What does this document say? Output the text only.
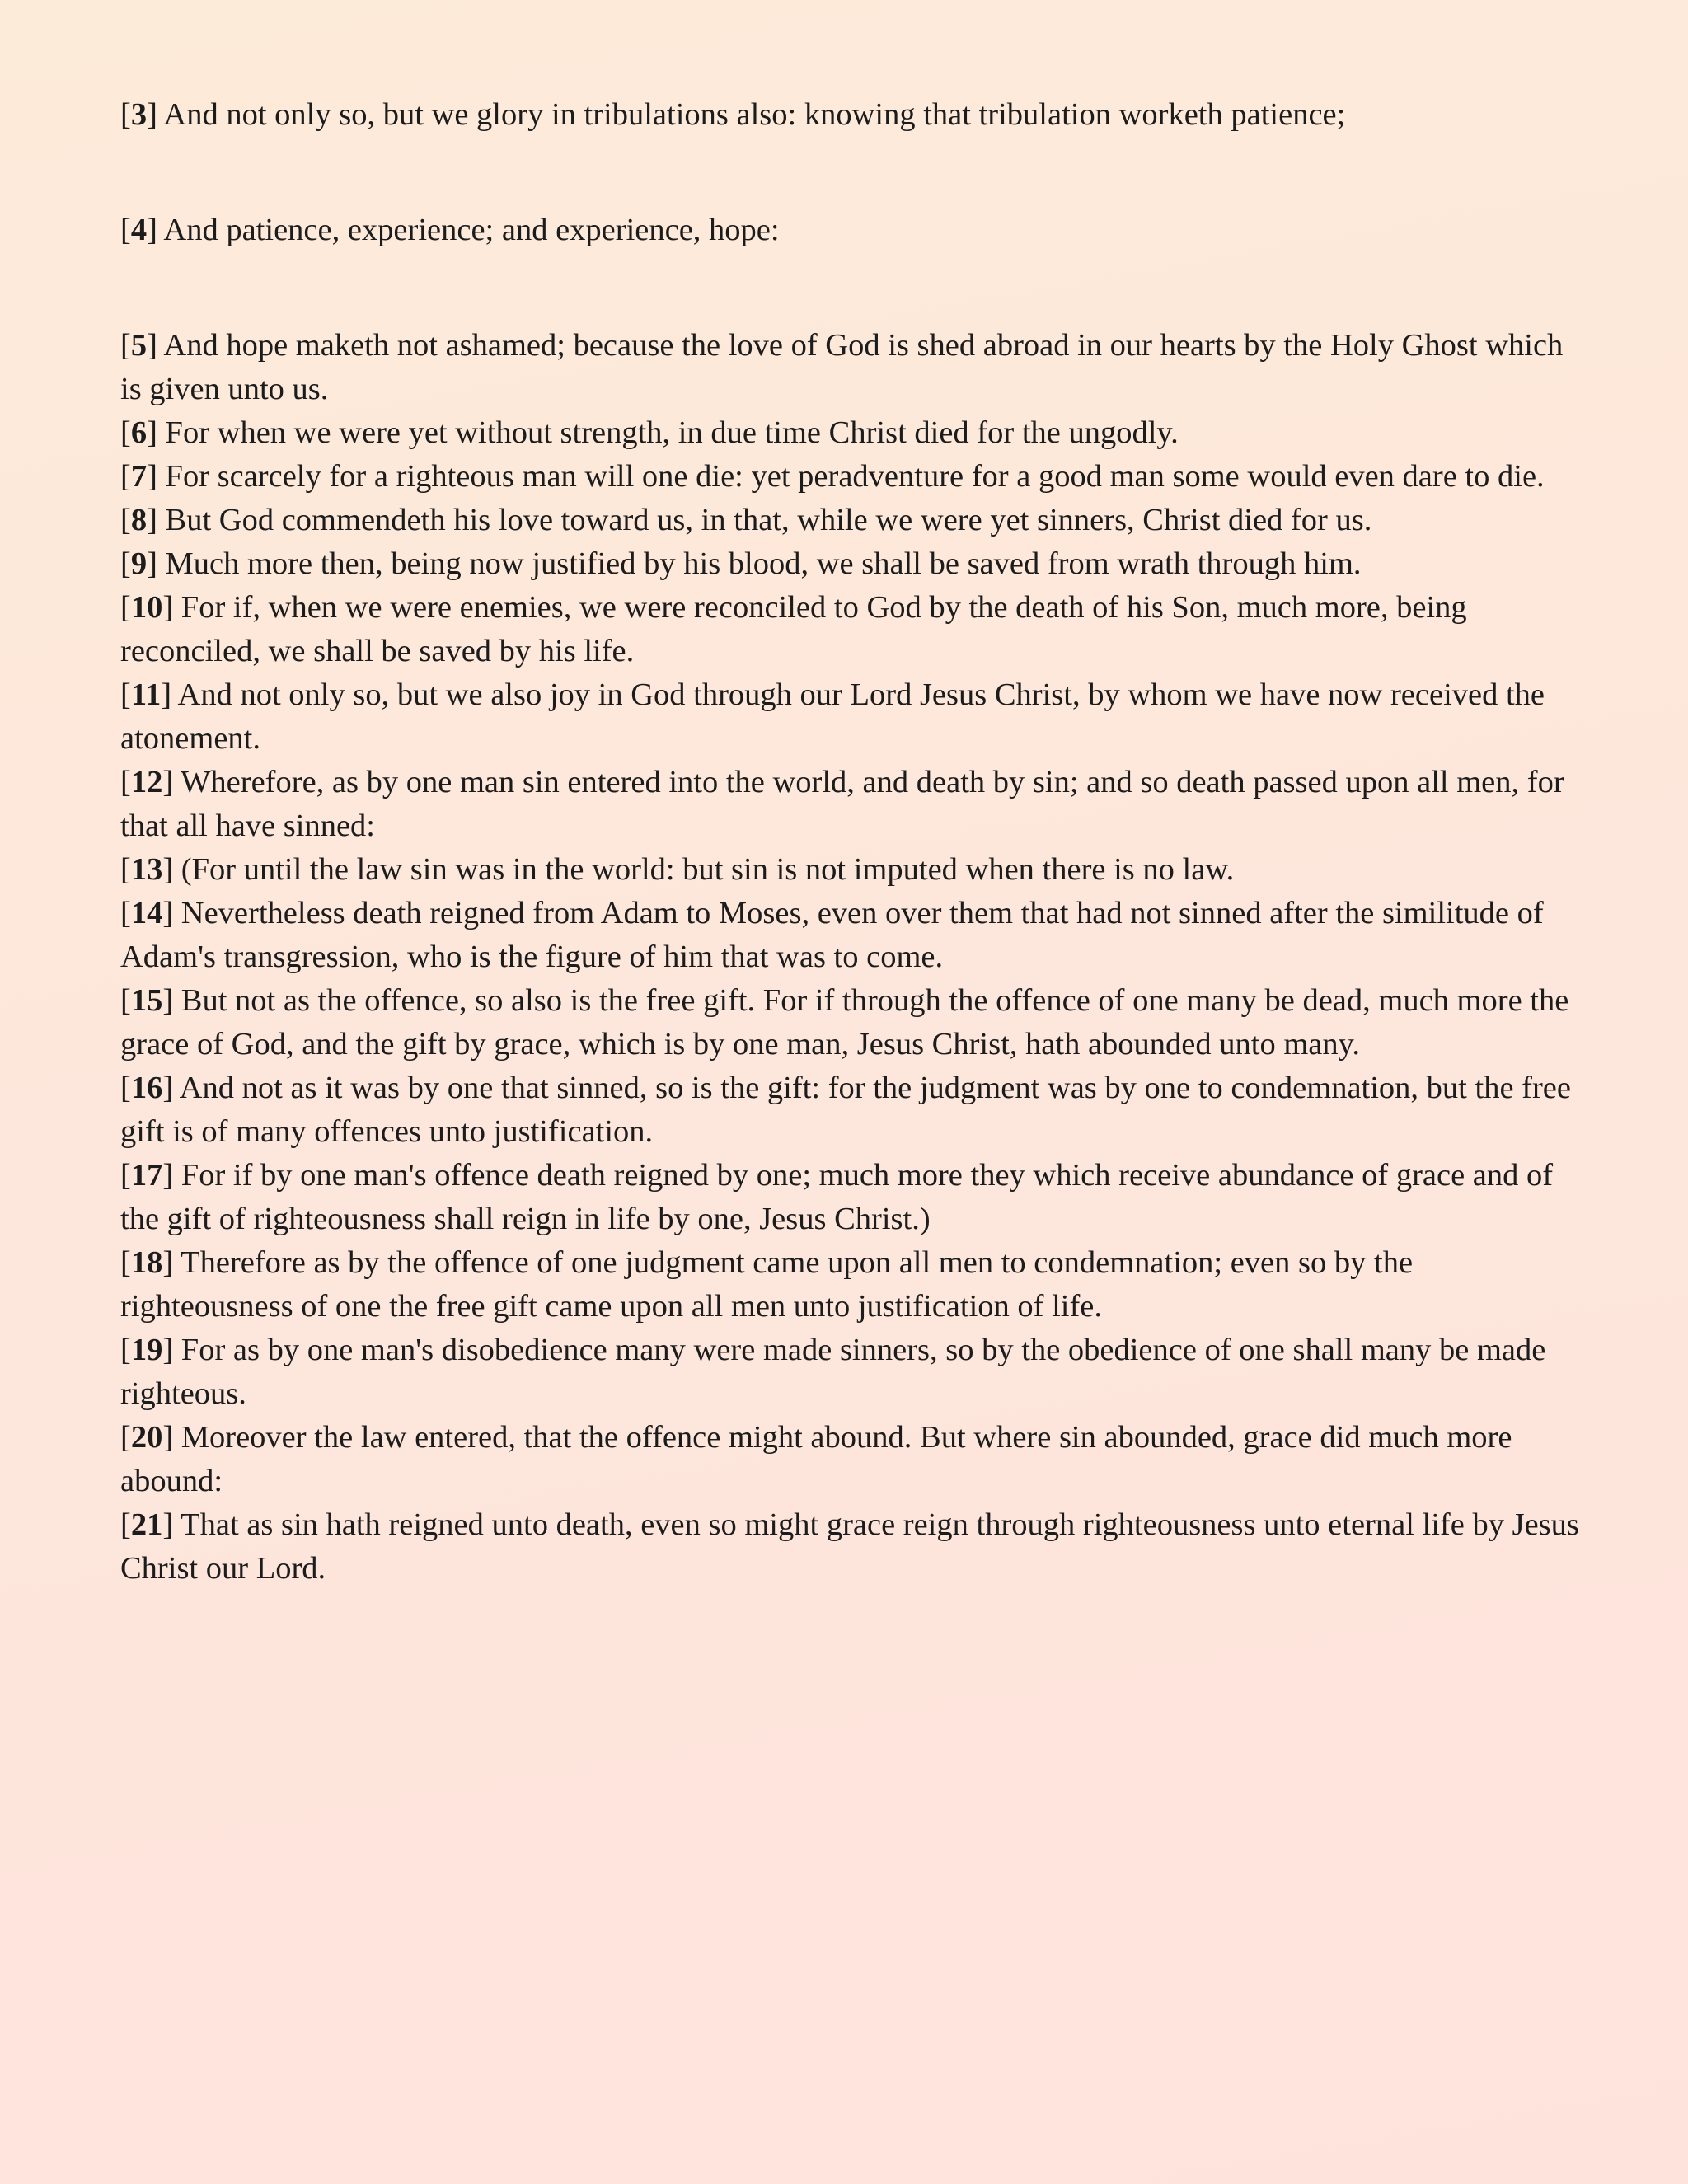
[3] And not only so, but we glory in tribulations also: knowing that tribulation worketh patience;

[4] And patience, experience; and experience, hope:

[5] And hope maketh not ashamed; because the love of God is shed abroad in our hearts by the Holy Ghost which is given unto us.

[6] For when we were yet without strength, in due time Christ died for the ungodly.

[7] For scarcely for a righteous man will one die: yet peradventure for a good man some would even dare to die.

[8] But God commendeth his love toward us, in that, while we were yet sinners, Christ died for us.

[9] Much more then, being now justified by his blood, we shall be saved from wrath through him.

[10] For if, when we were enemies, we were reconciled to God by the death of his Son, much more, being reconciled, we shall be saved by his life.

[11] And not only so, but we also joy in God through our Lord Jesus Christ, by whom we have now received the atonement.

[12] Wherefore, as by one man sin entered into the world, and death by sin; and so death passed upon all men, for that all have sinned:

[13] (For until the law sin was in the world: but sin is not imputed when there is no law.

[14] Nevertheless death reigned from Adam to Moses, even over them that had not sinned after the similitude of Adam's transgression, who is the figure of him that was to come.

[15] But not as the offence, so also is the free gift. For if through the offence of one many be dead, much more the grace of God, and the gift by grace, which is by one man, Jesus Christ, hath abounded unto many.

[16] And not as it was by one that sinned, so is the gift: for the judgment was by one to condemnation, but the free gift is of many offences unto justification.

[17] For if by one man's offence death reigned by one; much more they which receive abundance of grace and of the gift of righteousness shall reign in life by one, Jesus Christ.)

[18] Therefore as by the offence of one judgment came upon all men to condemnation; even so by the righteousness of one the free gift came upon all men unto justification of life.

[19] For as by one man's disobedience many were made sinners, so by the obedience of one shall many be made righteous.

[20] Moreover the law entered, that the offence might abound. But where sin abounded, grace did much more abound:

[21] That as sin hath reigned unto death, even so might grace reign through righteousness unto eternal life by Jesus Christ our Lord.
